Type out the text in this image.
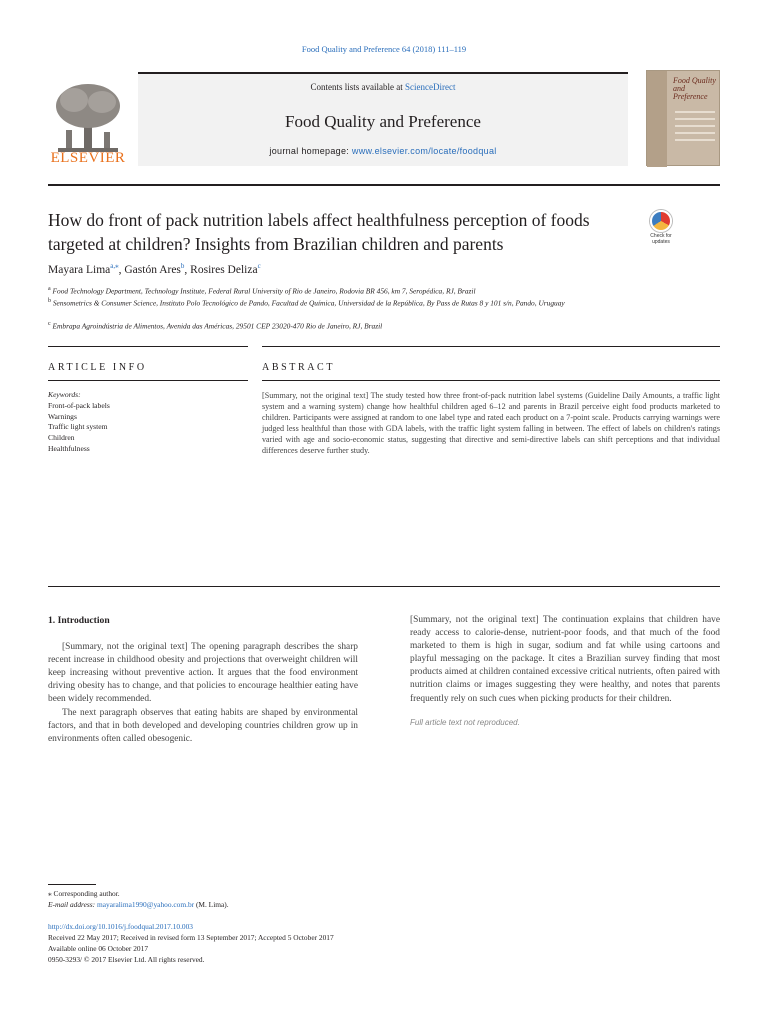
Food Quality and Preference 64 (2018) 111–119
ELSEVIER
Contents lists available at ScienceDirect
Food Quality and Preference
journal homepage: www.elsevier.com/locate/foodqual
Food Quality and Preference
How do front of pack nutrition labels affect healthfulness perception of foods targeted at children? Insights from Brazilian children and parents	Check for updates
Mayara Lima$^{a,⁎}$, Gastón Ares$^b$, Rosires Deliza$^c$
$^a$ Food Technology Department, Technology Institute, Federal Rural University of Rio de Janeiro, Rodovia BR 456, km 7, Seropédica, RJ, Brazil
$^b$ Sensometrics & Consumer Science, Instituto Polo Tecnológico de Pando, Facultad de Química, Universidad de la República, By Pass de Rutas 8 y 101 s/n, Pando, Uruguay
$^c$ Embrapa Agroindústria de Alimentos, Avenida das Américas, 29501 CEP 23020-470 Rio de Janeiro, RJ, Brazil
ARTICLE INFO	ABSTRACT
Keywords:
Front-of-pack labels
Warnings
Traffic light system
Children
Healthfulness

[Summary, not the original text] The study tested how three front-of-pack nutrition label systems (Guideline Daily Amounts, a traffic light system and a warning system) change how healthful children aged 6–12 and parents in Brazil perceive eight food products marketed to children. Participants were assigned at random to one label type and rated each product on a 7-point scale. Products carrying warnings were judged less healthful than those with GDA labels, with the traffic light system falling in between. The effect of labels on children's ratings varied with age and socio-economic status, suggesting that directive and semi-directive labels can shift perceptions and that individual differences deserve further study.

1. Introduction

[Summary, not the original text] The opening paragraph describes the sharp recent increase in childhood obesity and projections that overweight children will keep increasing without preventive action. It argues that the food environment driving obesity has to change, and that policies to encourage healthier eating have been widely recommended.

The next paragraph observes that eating habits are shaped by environmental factors, and that in both developed and developing countries children grow up in environments often called obesogenic.

[Summary, not the original text] The continuation explains that children have ready access to calorie-dense, nutrient-poor foods, and that much of the food marketed to them is high in sugar, sodium and fat while using cartoons and playful messaging on the package. It cites a Brazilian survey finding that most products aimed at children contained excessive critical nutrients, often paired with nutrition claims or images suggesting they were healthy, and notes that parents frequently rely on such cues when picking products for their children.

Full article text not reproduced.
⁎ Corresponding author.
E-mail address: mayaralima1990@yahoo.com.br (M. Lima).
http://dx.doi.org/10.1016/j.foodqual.2017.10.003
Received 22 May 2017; Received in revised form 13 September 2017; Accepted 5 October 2017
Available online 06 October 2017
0950-3293/ © 2017 Elsevier Ltd. All rights reserved.
